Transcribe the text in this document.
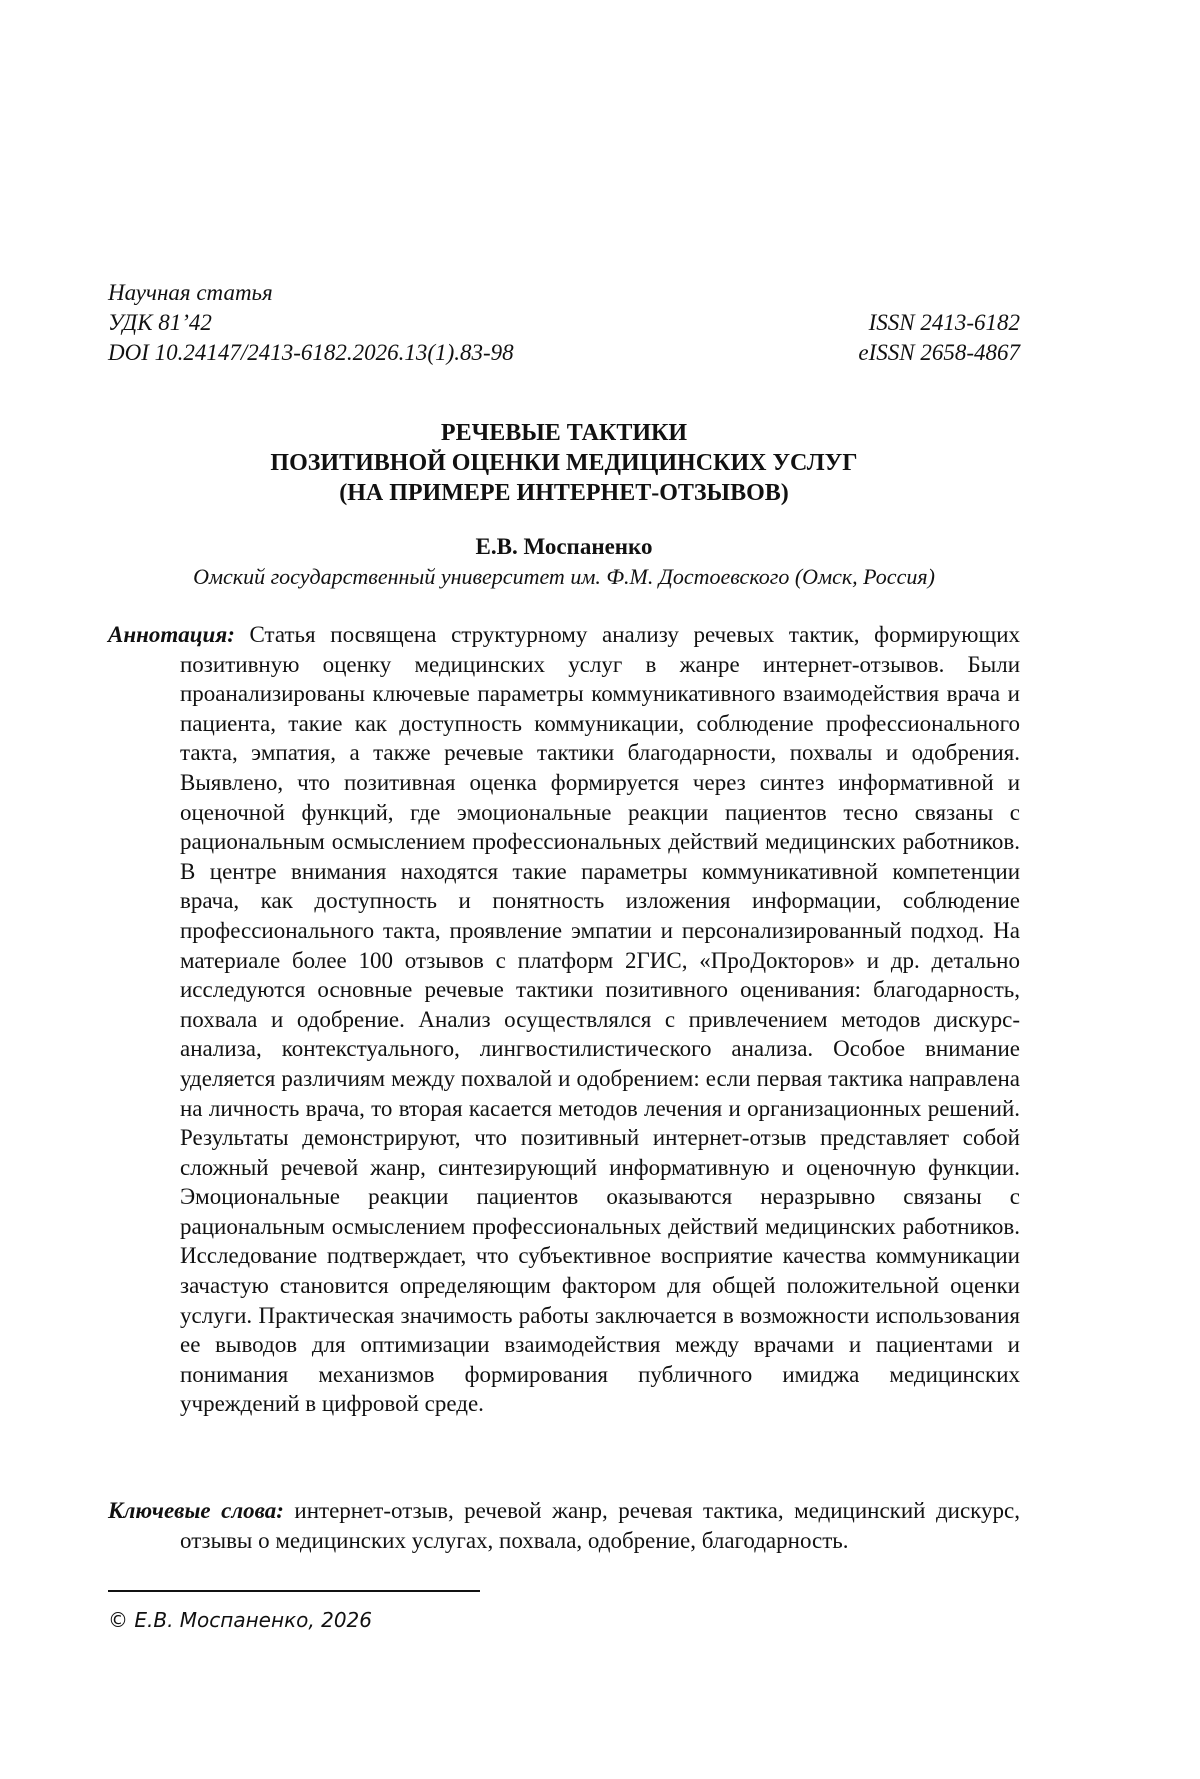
Научная статья
УДК 81’42	ISSN 2413-6182
DOI 10.24147/2413-6182.2026.13(1).83-98	eISSN 2658-4867
РЕЧЕВЫЕ ТАКТИКИ
ПОЗИТИВНОЙ ОЦЕНКИ МЕДИЦИНСКИХ УСЛУГ
(НА ПРИМЕРЕ ИНТЕРНЕТ-ОТЗЫВОВ)
Е.В. Моспаненко
Омский государственный университет им. Ф.М. Достоевского (Омск, Россия)
Аннотация: Статья посвящена структурному анализу речевых тактик, формирующих позитивную оценку медицинских услуг в жанре интернет-отзывов. Были проанализированы ключевые параметры коммуникативного взаимодействия врача и пациента, такие как доступность коммуникации, соблюдение профессионального такта, эмпатия, а также речевые тактики благодарности, похвалы и одобрения. Выявлено, что позитивная оценка формируется через синтез информативной и оценочной функций, где эмоциональные реакции пациентов тесно связаны с рациональным осмыслением профессиональных действий медицинских работников. В центре внимания находятся такие параметры коммуникативной компетенции врача, как доступность и понятность изложения информации, соблюдение профессионального такта, проявление эмпатии и персонализированный подход. На материале более 100 отзывов с платформ 2ГИС, «ПроДокторов» и др. детально исследуются основные речевые тактики позитивного оценивания: благодарность, похвала и одобрение. Анализ осуществлялся с привлечением методов дискурс-анализа, контекстуального, лингвостилистического анализа. Особое внимание уделяется различиям между похвалой и одобрением: если первая тактика направлена на личность врача, то вторая касается методов лечения и организационных решений. Результаты демонстрируют, что позитивный интернет-отзыв представляет собой сложный речевой жанр, синтезирующий информативную и оценочную функции. Эмоциональные реакции пациентов оказываются неразрывно связаны с рациональным осмыслением профессиональных действий медицинских работников. Исследование подтверждает, что субъективное восприятие качества коммуникации зачастую становится определяющим фактором для общей положительной оценки услуги. Практическая значимость работы заключается в возможности использования ее выводов для оптимизации взаимодействия между врачами и пациентами и понимания механизмов формирования публичного имиджа медицинских учреждений в цифровой среде.
Ключевые слова: интернет-отзыв, речевой жанр, речевая тактика, медицинский дискурс, отзывы о медицинских услугах, похвала, одобрение, благодарность.
© Е.В. Моспаненко, 2026
